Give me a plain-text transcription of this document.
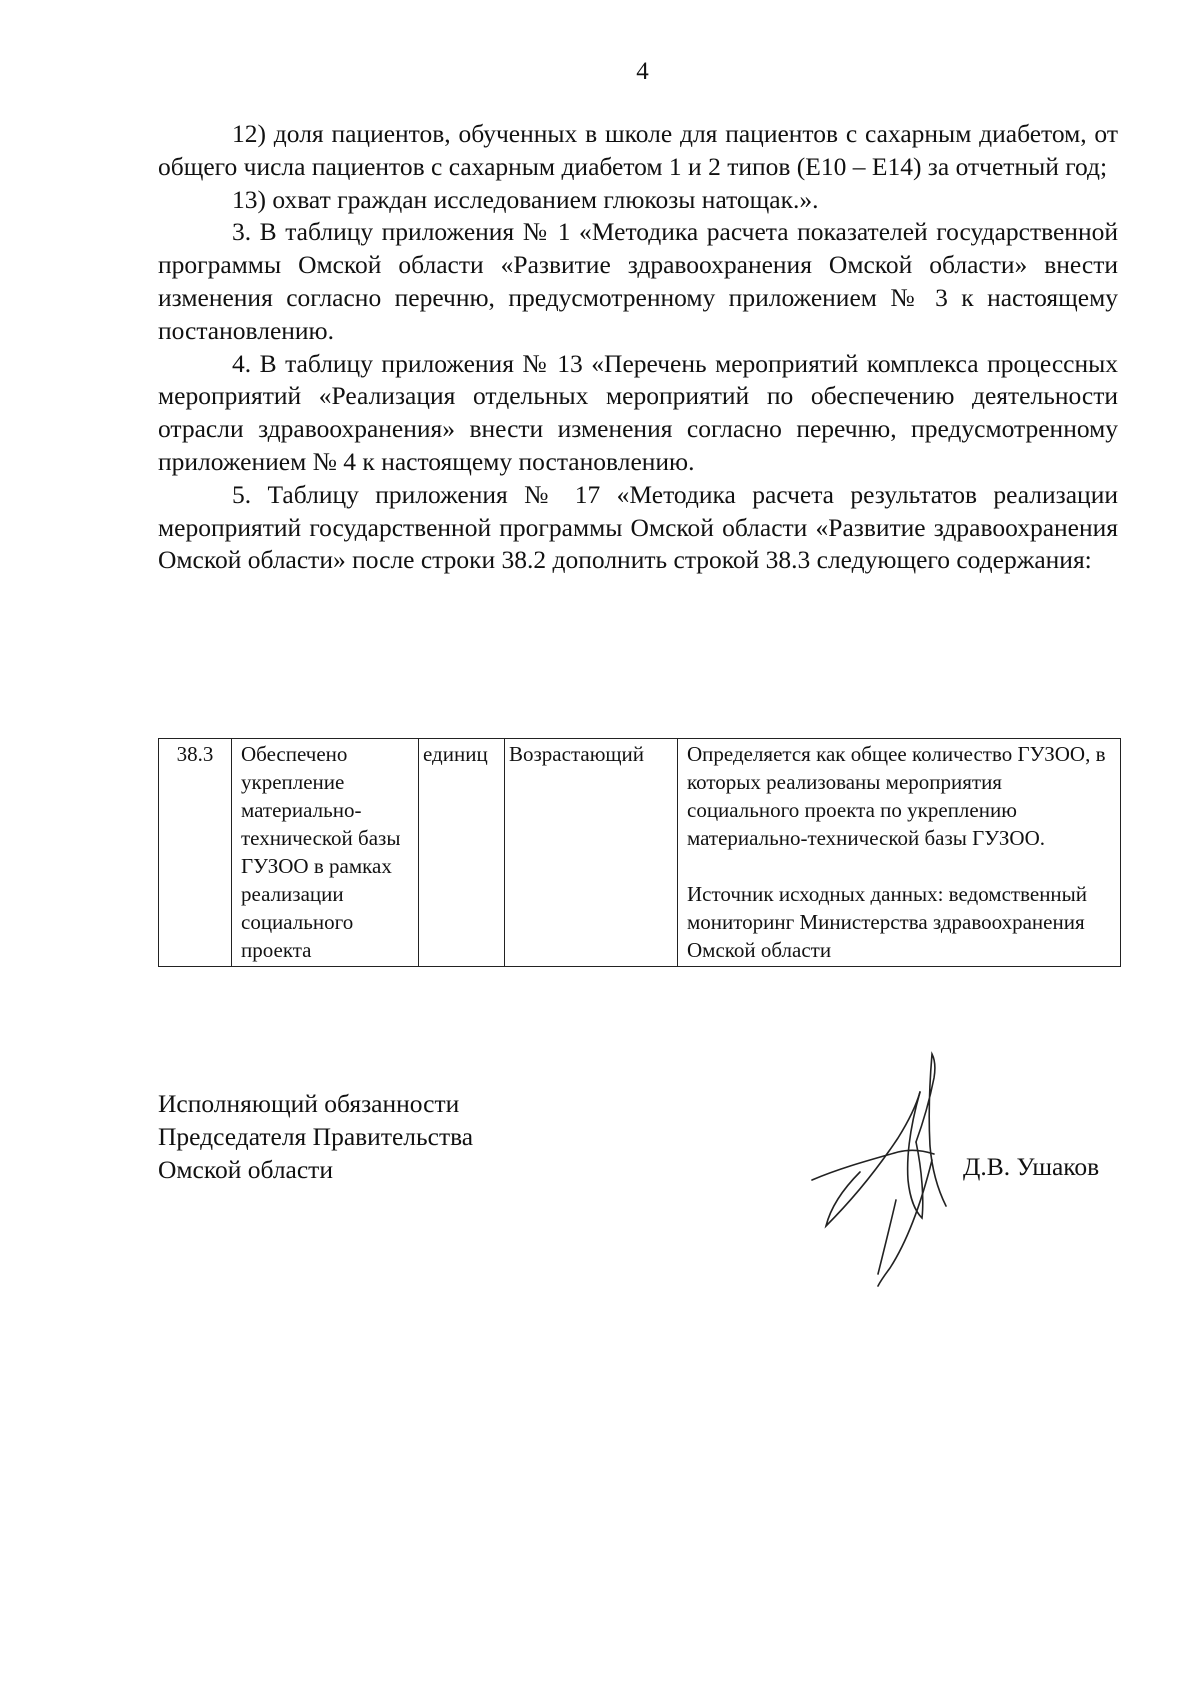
4

12) доля пациентов, обученных в школе для пациентов с сахарным диабетом, от общего числа пациентов с сахарным диабетом 1 и 2 типов (Е10 – Е14) за отчетный год;

13) охват граждан исследованием глюкозы натощак.».

3. В таблицу приложения № 1 «Методика расчета показателей государственной программы Омской области «Развитие здравоохранения Омской области» внести изменения согласно перечню, предусмотренному приложением № 3 к настоящему постановлению.

4. В таблицу приложения № 13 «Перечень мероприятий комплекса процессных мероприятий «Реализация отдельных мероприятий по обеспечению деятельности отрасли здравоохранения» внести изменения согласно перечню, предусмотренному приложением № 4 к настоящему постановлению.

5. Таблицу приложения № 17 «Методика расчета результатов реализации мероприятий государственной программы Омской области «Развитие здравоохранения Омской области» после строки 38.2 дополнить строкой 38.3 следующего содержания:

38.3	Обеспечено укрепление материально-технической базы ГУЗОО в рамках реализации социального проекта	единиц	Возрастающий	Определяется как общее количество ГУЗОО, в которых реализованы мероприятия социального проекта по укреплению материально-технической базы ГУЗОО.
Источник исходных данных: ведомственный мониторинг Министерства здравоохранения Омской области
Исполняющий обязанности
Председателя Правительства
Омской области	Д.В. Ушаков
